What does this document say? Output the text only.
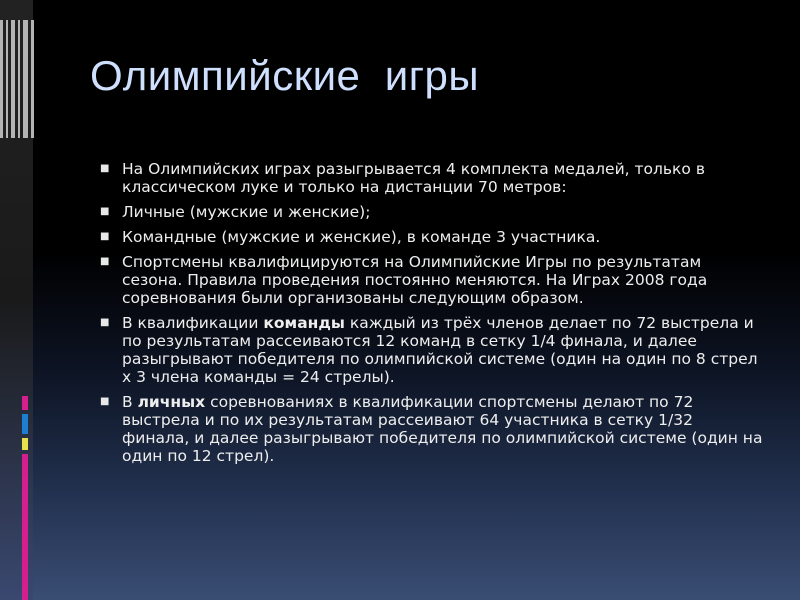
Олимпийские  игры
■ На Олимпийских играх разыгрывается 4 комплекта медалей, только в классическом луке и только на дистанции 70 метров:
■ Личные (мужские и женские);
■ Командные (мужские и женские), в команде 3 участника.
■ Спортсмены квалифицируются на Олимпийские Игры по результатам сезона. Правила проведения постоянно меняются. На Играх 2008 года соревнования были организованы следующим образом.
■ В квалификации команды каждый из трёх членов делает по 72 выстрела и по результатам рассеиваются 12 команд в сетку 1/4 финала, и далее разыгрывают победителя по олимпийской системе (один на один по 8 стрел x 3 члена команды = 24 стрелы).
■ В личных соревнованиях в квалификации спортсмены делают по 72 выстрела и по их результатам рассеивают 64 участника в сетку 1/32 финала, и далее разыгрывают победителя по олимпийской системе (один на один по 12 стрел).
